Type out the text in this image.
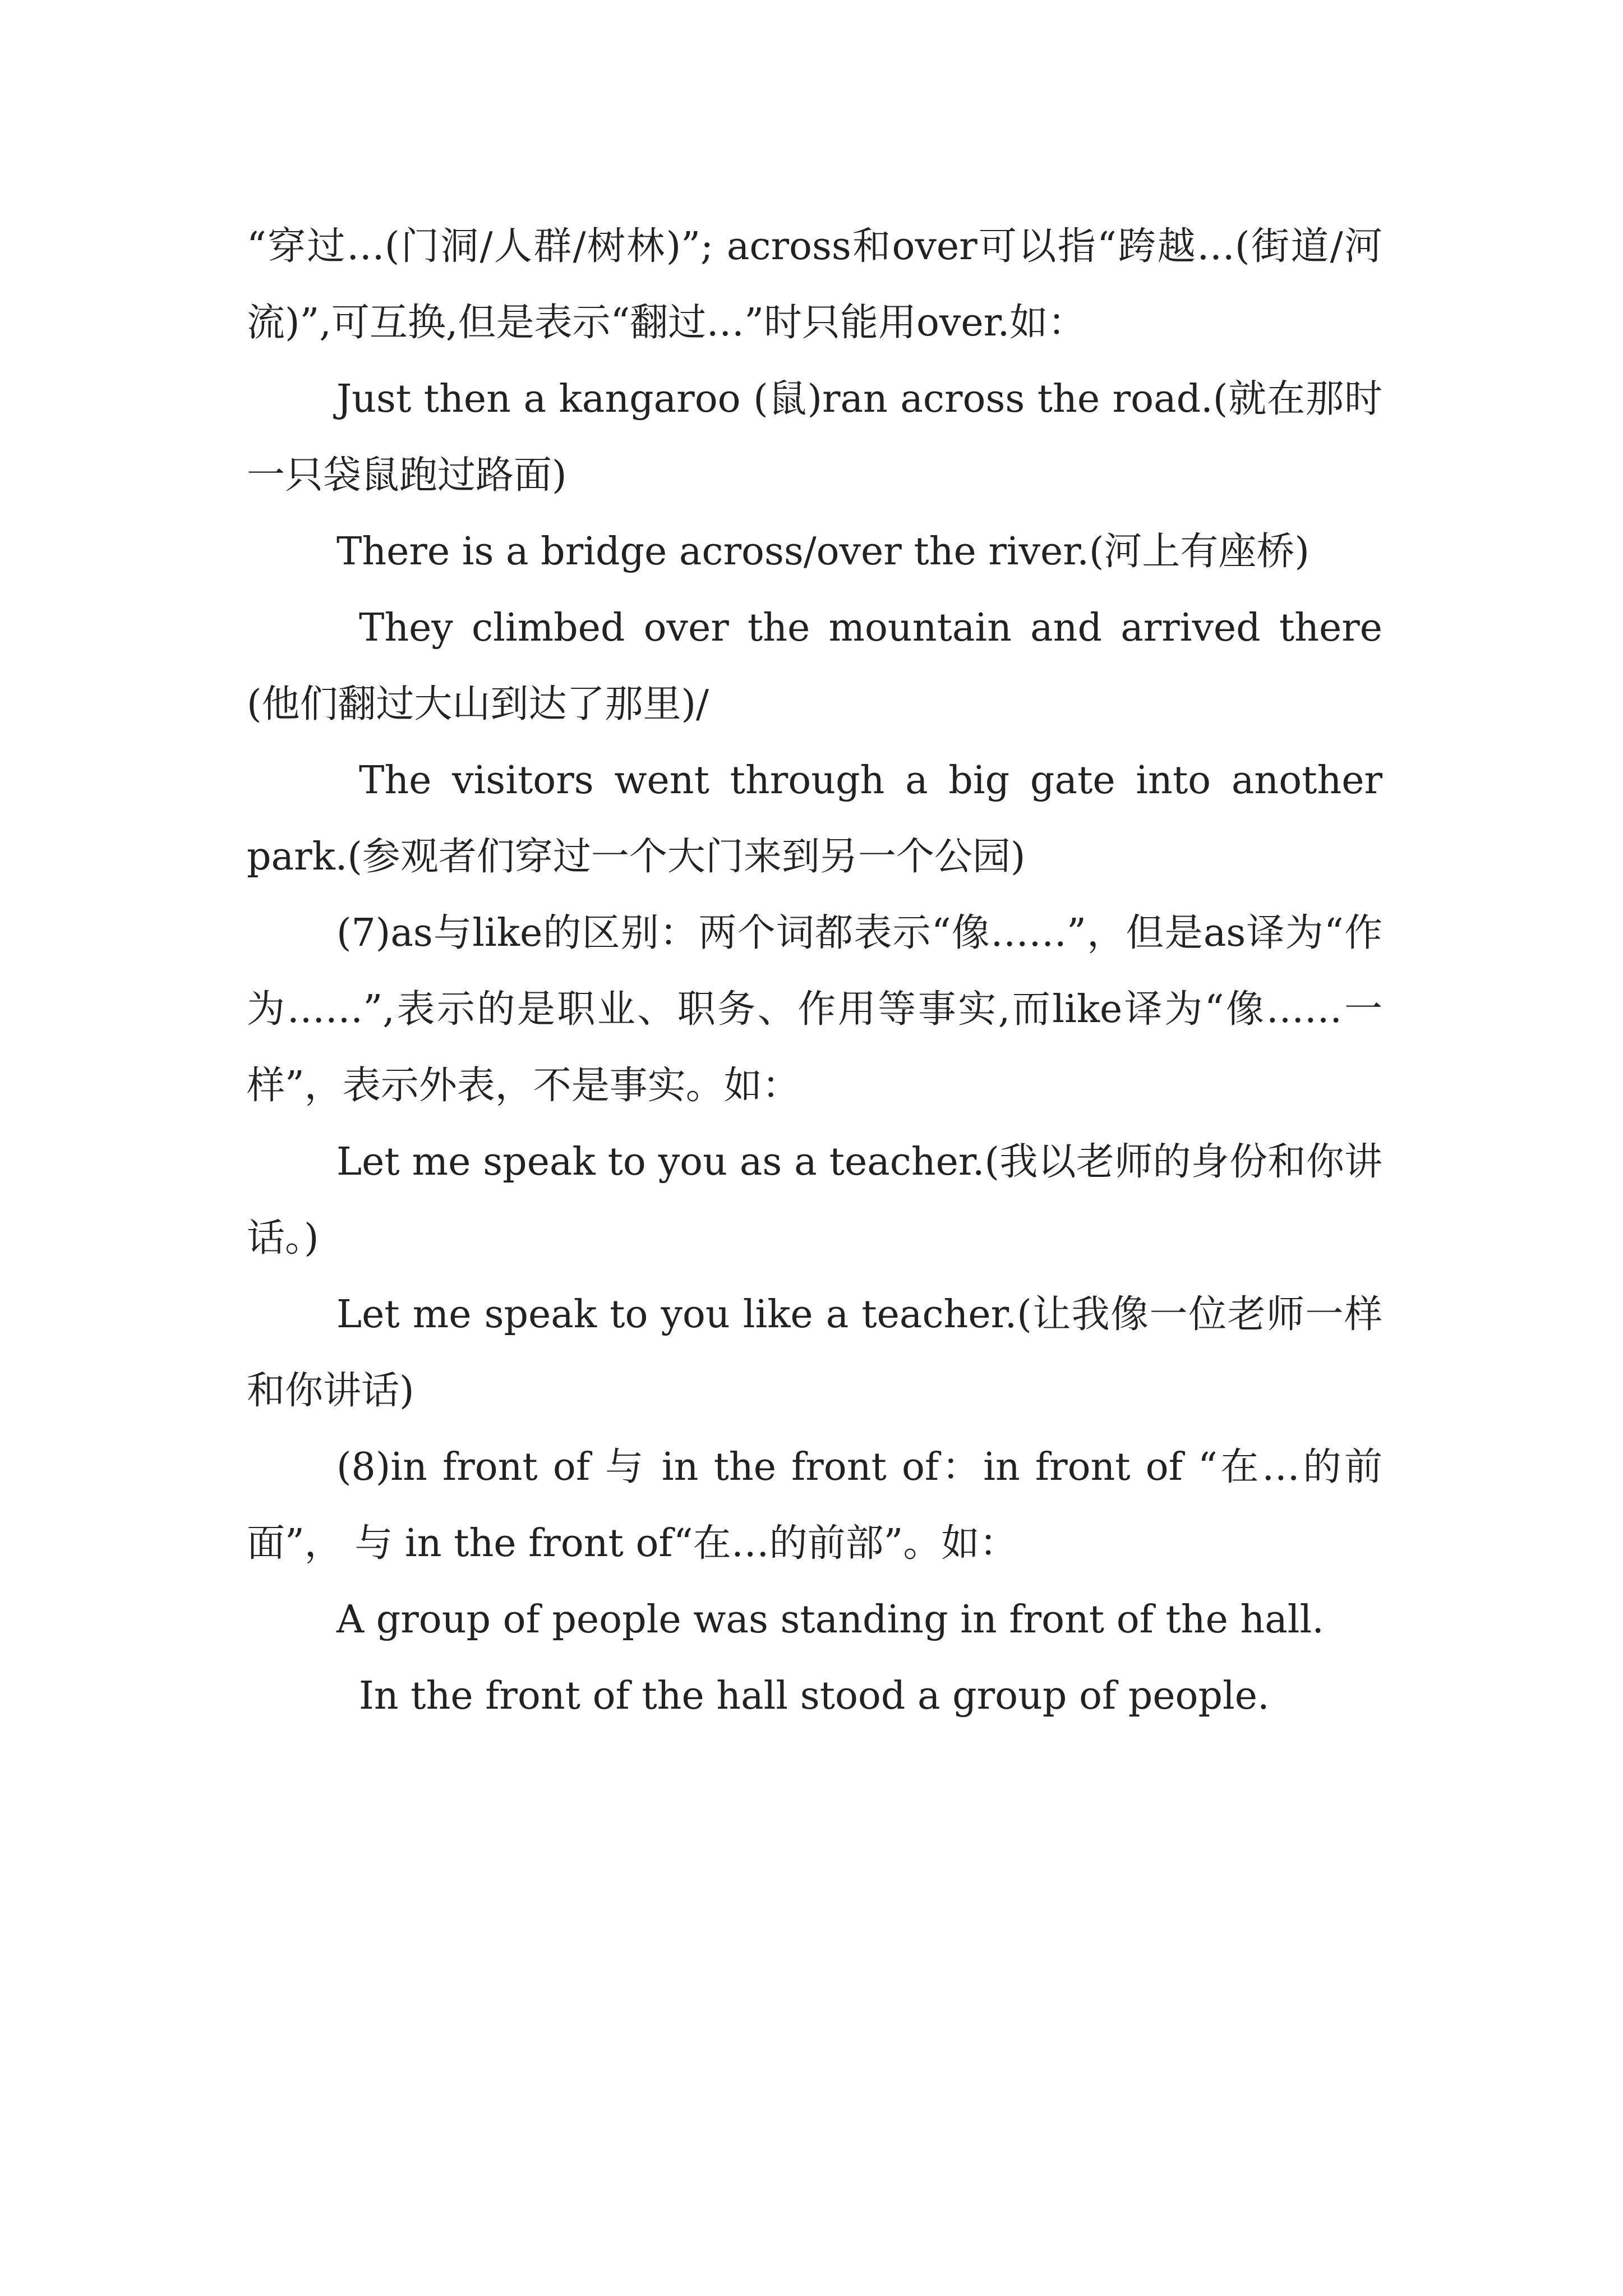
“穿过…(门洞/人群/树林)”; across和over可以指“跨越…(街道/河流)”,可互换,但是表示“翻过…”时只能用over.如：

Just then a kangaroo (鼠)ran across the road.(就在那时一只袋鼠跑过路面)

There is a bridge across/over the river.(河上有座桥)

They climbed over the mountain and arrived there (他们翻过大山到达了那里)/

The visitors went through a big gate into another park.(参观者们穿过一个大门来到另一个公园)

(7)as与like的区别：两个词都表示“像……”，但是as译为“作为……”,表示的是职业、职务、作用等事实,而like译为“像……一样”，表示外表，不是事实。如：

Let me speak to you as a teacher.(我以老师的身份和你讲话。)

Let me speak to you like a teacher.(让我像一位老师一样和你讲话)

(8)in front of 与 in the front of：in front of “在…的前面”， 与 in the front of“在…的前部”。如：

A group of people was standing in front of the hall.

In the front of the hall stood a group of people.
